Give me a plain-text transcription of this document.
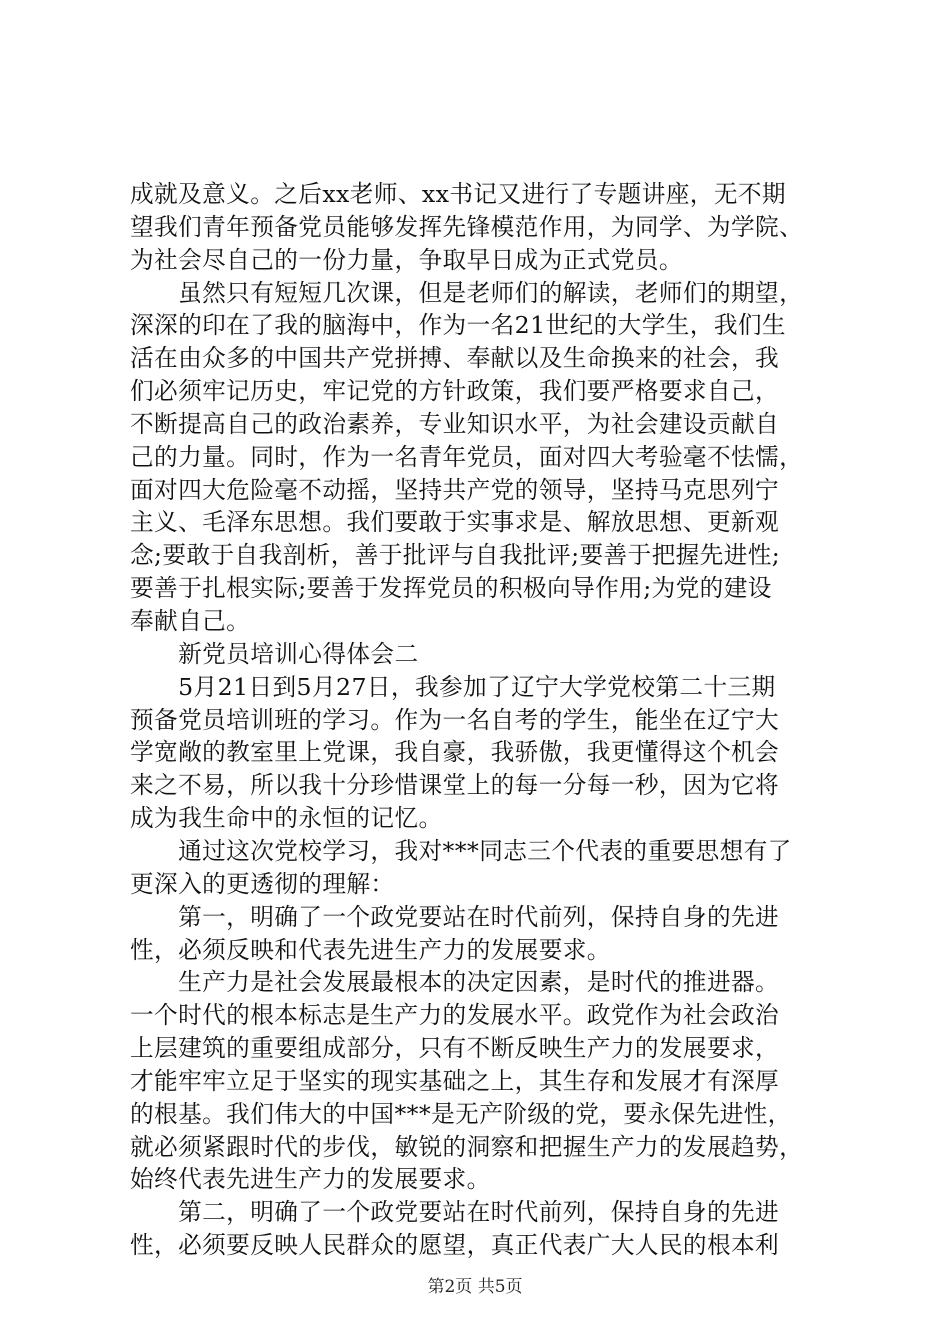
成就及意义。之后xx老师、xx书记又进行了专题讲座，无不期
望我们青年预备党员能够发挥先锋模范作用，为同学、为学院、
为社会尽自己的一份力量，争取早日成为正式党员。
　　虽然只有短短几次课，但是老师们的解读，老师们的期望，
深深的印在了我的脑海中，作为一名21世纪的大学生，我们生
活在由众多的中国共产党拼搏、奉献以及生命换来的社会，我
们必须牢记历史，牢记党的方针政策，我们要严格要求自己，
不断提高自己的政治素养，专业知识水平，为社会建设贡献自
己的力量。同时，作为一名青年党员，面对四大考验毫不怯懦，
面对四大危险毫不动摇，坚持共产党的领导，坚持马克思列宁
主义、毛泽东思想。我们要敢于实事求是、解放思想、更新观
念;要敢于自我剖析，善于批评与自我批评;要善于把握先进性;
要善于扎根实际;要善于发挥党员的积极向导作用;为党的建设
奉献自己。
　　新党员培训心得体会二
　　5月21日到5月27日，我参加了辽宁大学党校第二十三期
预备党员培训班的学习。作为一名自考的学生，能坐在辽宁大
学宽敞的教室里上党课，我自豪，我骄傲，我更懂得这个机会
来之不易，所以我十分珍惜课堂上的每一分每一秒，因为它将
成为我生命中的永恒的记忆。
　　通过这次党校学习，我对***同志三个代表的重要思想有了
更深入的更透彻的理解：
　　第一，明确了一个政党要站在时代前列，保持自身的先进
性，必须反映和代表先进生产力的发展要求。
　　生产力是社会发展最根本的决定因素，是时代的推进器。
一个时代的根本标志是生产力的发展水平。政党作为社会政治
上层建筑的重要组成部分，只有不断反映生产力的发展要求，
才能牢牢立足于坚实的现实基础之上，其生存和发展才有深厚
的根基。我们伟大的中国***是无产阶级的党，要永保先进性，
就必须紧跟时代的步伐，敏锐的洞察和把握生产力的发展趋势，
始终代表先进生产力的发展要求。
　　第二，明确了一个政党要站在时代前列，保持自身的先进
性，必须要反映人民群众的愿望，真正代表广大人民的根本利
第2页 共5页
